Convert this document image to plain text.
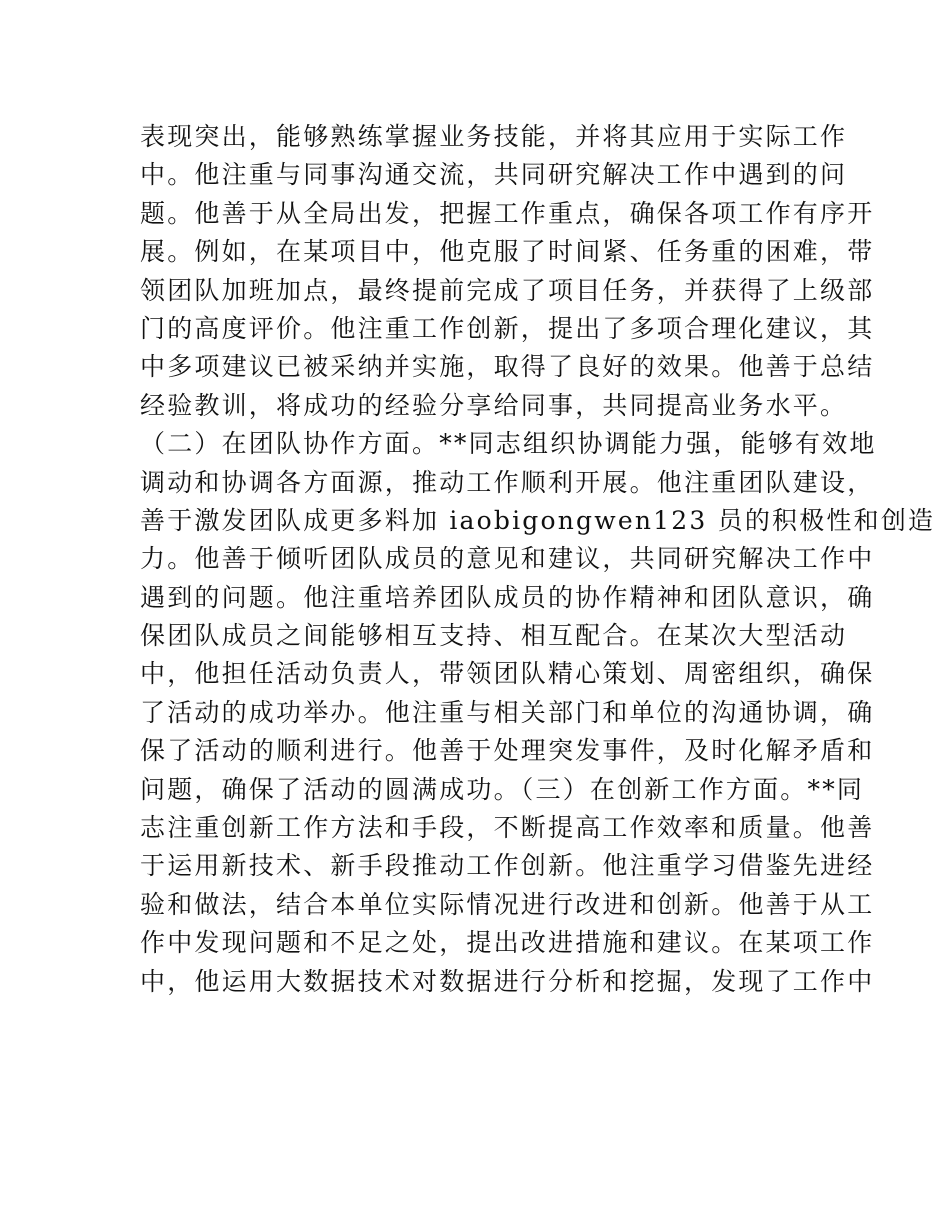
表现突出，能够熟练掌握业务技能，并将其应用于实际工作
中。他注重与同事沟通交流，共同研究解决工作中遇到的问
题。他善于从全局出发，把握工作重点，确保各项工作有序开
展。例如，在某项目中，他克服了时间紧、任务重的困难，带
领团队加班加点，最终提前完成了项目任务，并获得了上级部
门的高度评价。他注重工作创新，提出了多项合理化建议，其
中多项建议已被采纳并实施，取得了良好的效果。他善于总结
经验教训，将成功的经验分享给同事，共同提高业务水平。
（二）在团队协作方面。**同志组织协调能力强，能够有效地
调动和协调各方面源，推动工作顺利开展。他注重团队建设，
善于激发团队成更多料加 iaobigongwen123 员的积极性和创造
力。他善于倾听团队成员的意见和建议，共同研究解决工作中
遇到的问题。他注重培养团队成员的协作精神和团队意识，确
保团队成员之间能够相互支持、相互配合。在某次大型活动
中，他担任活动负责人，带领团队精心策划、周密组织，确保
了活动的成功举办。他注重与相关部门和单位的沟通协调，确
保了活动的顺利进行。他善于处理突发事件，及时化解矛盾和
问题，确保了活动的圆满成功。（三）在创新工作方面。**同
志注重创新工作方法和手段，不断提高工作效率和质量。他善
于运用新技术、新手段推动工作创新。他注重学习借鉴先进经
验和做法，结合本单位实际情况进行改进和创新。他善于从工
作中发现问题和不足之处，提出改进措施和建议。在某项工作
中，他运用大数据技术对数据进行分析和挖掘，发现了工作中
